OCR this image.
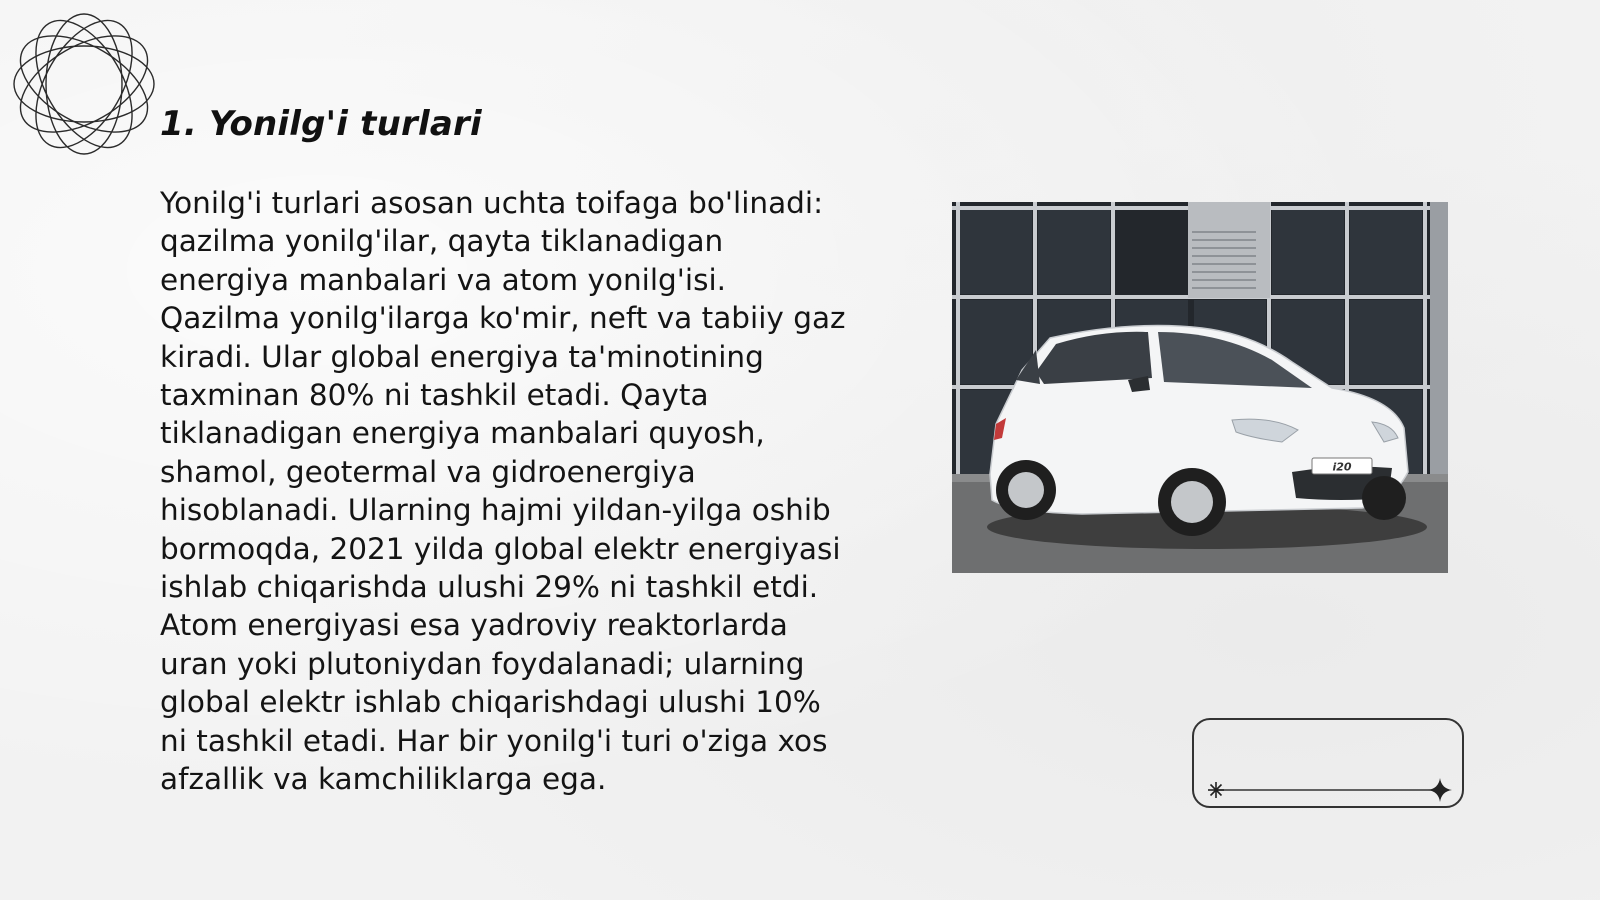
1. Yonilg'i turlari

Yonilg'i turlari asosan uchta toifaga bo'linadi: qazilma yonilg'ilar, qayta tiklanadigan energiya manbalari va atom yonilg'isi. Qazilma yonilg'ilarga ko'mir, neft va tabiiy gaz kiradi. Ular global energiya ta'minotining taxminan 80% ni tashkil etadi. Qayta tiklanadigan energiya manbalari quyosh, shamol, geotermal va gidroenergiya hisoblanadi. Ularning hajmi yildan-yilga oshib bormoqda, 2021 yilda global elektr energiyasi ishlab chiqarishda ulushi 29% ni tashkil etdi. Atom energiyasi esa yadroviy reaktorlarda uran yoki plutoniydan foydalanadi; ularning global elektr ishlab chiqarishdagi ulushi 10% ni tashkil etadi. Har bir yonilg'i turi o'ziga xos afzallik va kamchiliklarga ega.

i20
